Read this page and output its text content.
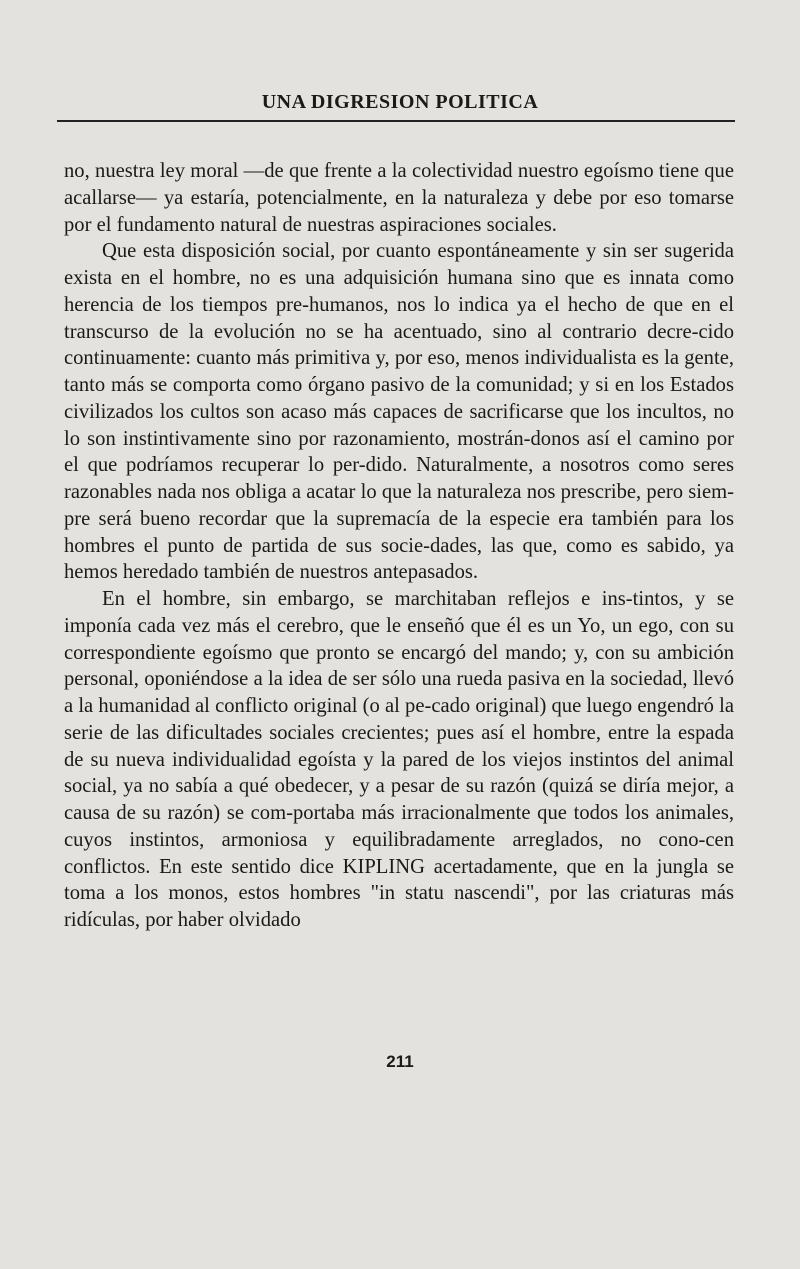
UNA DIGRESION POLITICA

no, nuestra ley moral —de que frente a la colectividad nuestro egoísmo tiene que acallarse— ya estaría, potencialmente, en la naturaleza y debe por eso tomarse por el fundamento natural de nuestras aspiraciones sociales.

Que esta disposición social, por cuanto espontáneamente y sin ser sugerida exista en el hombre, no es una adquisición humana sino que es innata como herencia de los tiempos pre-humanos, nos lo indica ya el hecho de que en el transcurso de la evolución no se ha acentuado, sino al contrario decre-cido continuamente: cuanto más primitiva y, por eso, menos individualista es la gente, tanto más se comporta como órgano pasivo de la comunidad; y si en los Estados civilizados los cultos son acaso más capaces de sacrificarse que los incultos, no lo son instintivamente sino por razonamiento, mostrán-donos así el camino por el que podríamos recuperar lo per-dido. Naturalmente, a nosotros como seres razonables nada nos obliga a acatar lo que la naturaleza nos prescribe, pero siem-pre será bueno recordar que la supremacía de la especie era también para los hombres el punto de partida de sus socie-dades, las que, como es sabido, ya hemos heredado también de nuestros antepasados.

En el hombre, sin embargo, se marchitaban reflejos e ins-tintos, y se imponía cada vez más el cerebro, que le enseñó que él es un Yo, un ego, con su correspondiente egoísmo que pronto se encargó del mando; y, con su ambición personal, oponiéndose a la idea de ser sólo una rueda pasiva en la sociedad, llevó a la humanidad al conflicto original (o al pe-cado original) que luego engendró la serie de las dificultades sociales crecientes; pues así el hombre, entre la espada de su nueva individualidad egoísta y la pared de los viejos instintos del animal social, ya no sabía a qué obedecer, y a pesar de su razón (quizá se diría mejor, a causa de su razón) se com-portaba más irracionalmente que todos los animales, cuyos instintos, armoniosa y equilibradamente arreglados, no cono-cen conflictos. En este sentido dice KIPLING acertadamente, que en la jungla se toma a los monos, estos hombres "in statu nascendi", por las criaturas más ridículas, por haber olvidado

211
